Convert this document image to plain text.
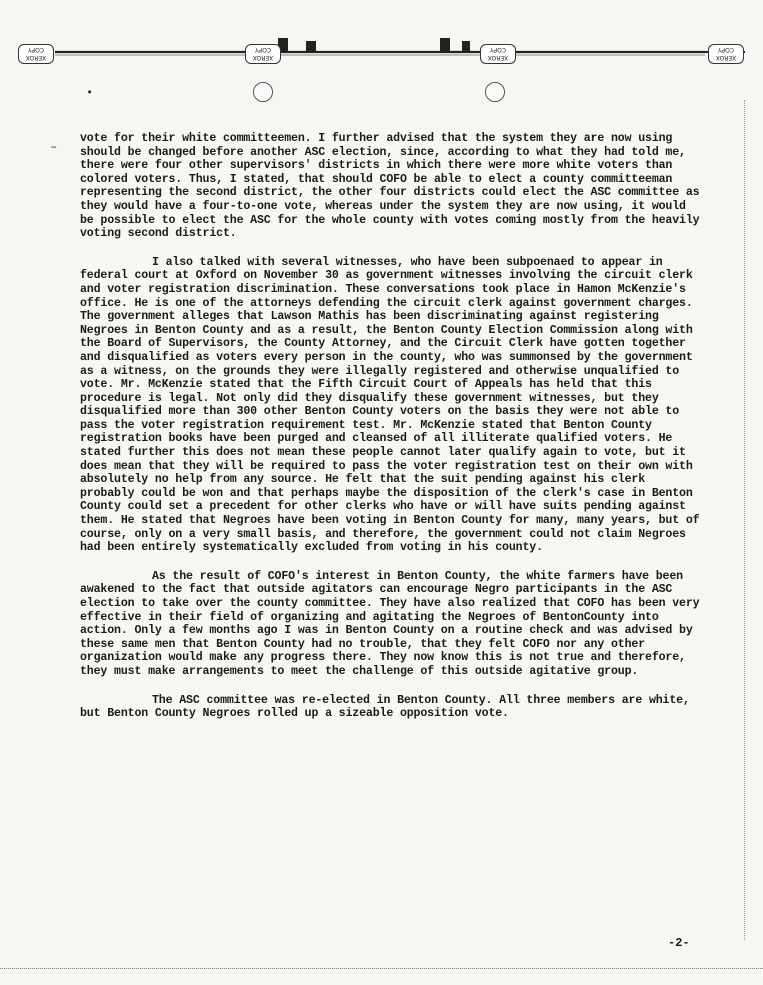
XEROX COPY
XEROX COPY
XEROX COPY
XEROX COPY
–
•

vote for their white committeemen. I further advised that the system they are now using should be changed before another ASC election, since, according to what they had told me, there were four other supervisors' districts in which there were more white voters than colored voters. Thus, I stated, that should COFO be able to elect a county committeeman representing the second district, the other four districts could elect the ASC committee as they would have a four-to-one vote, whereas under the system they are now using, it would be possible to elect the ASC for the whole county with votes coming mostly from the heavily voting second district.

I also talked with several witnesses, who have been subpoenaed to appear in federal court at Oxford on November 30 as government witnesses involving the circuit clerk and voter registration discrimination. These conversations took place in Hamon McKenzie's office. He is one of the attorneys defending the circuit clerk against government charges. The government alleges that Lawson Mathis has been discriminating against registering Negroes in Benton County and as a result, the Benton County Election Commission along with the Board of Supervisors, the County Attorney, and the Circuit Clerk have gotten together and disqualified as voters every person in the county, who was summonsed by the government as a witness, on the grounds they were illegally registered and otherwise unqualified to vote. Mr. McKenzie stated that the Fifth Circuit Court of Appeals has held that this procedure is legal. Not only did they disqualify these government witnesses, but they disqualified more than 300 other Benton County voters on the basis they were not able to pass the voter registration requirement test. Mr. McKenzie stated that Benton County registration books have been purged and cleansed of all illiterate qualified voters. He stated further this does not mean these people cannot later qualify again to vote, but it does mean that they will be required to pass the voter registration test on their own with absolutely no help from any source. He felt that the suit pending against his clerk probably could be won and that perhaps maybe the disposition of the clerk's case in Benton County could set a precedent for other clerks who have or will have suits pending against them. He stated that Negroes have been voting in Benton County for many, many years, but of course, only on a very small basis, and therefore, the government could not claim Negroes had been entirely systematically excluded from voting in his county.

As the result of COFO's interest in Benton County, the white farmers have been awakened to the fact that outside agitators can encourage Negro participants in the ASC election to take over the county committee. They have also realized that COFO has been very effective in their field of organizing and agitating the Negroes of BentonCounty into action. Only a few months ago I was in Benton County on a routine check and was advised by these same men that Benton County had no trouble, that they felt COFO nor any other organization would make any progress there. They now know this is not true and therefore, they must make arrangements to meet the challenge of this outside agitative group.

The ASC committee was re-elected in Benton County. All three members are white, but Benton County Negroes rolled up a sizeable opposition vote.

-2-
